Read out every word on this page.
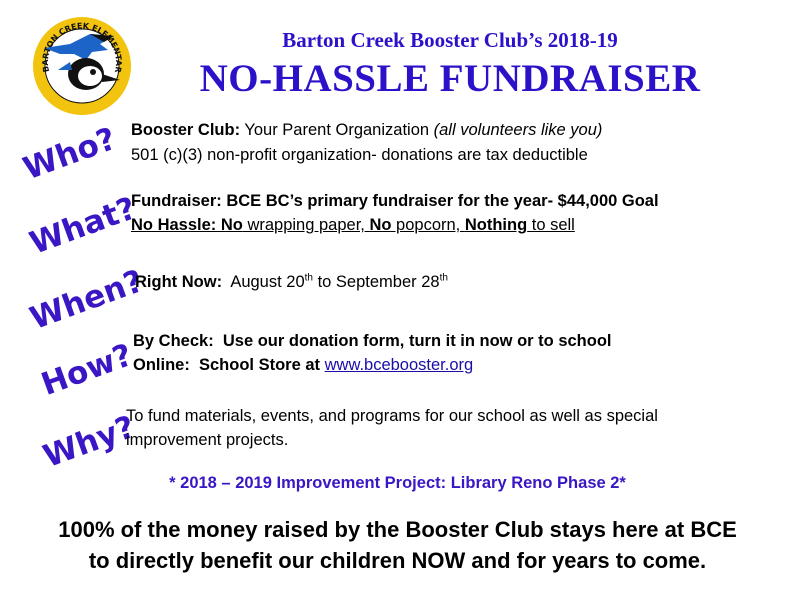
BARTON CREEK ELEMENTAR
Barton Creek Booster Club’s 2018-19
NO-HASSLE FUNDRAISER
Who? Booster Club: Your Parent Organization (all volunteers like you)
501 (c)(3) non-profit organization- donations are tax deductible
What?
Fundraiser: BCE BC’s primary fundraiser for the year- $44,000 Goal
No Hassle: No wrapping paper, No popcorn, Nothing to sell
When?
Right Now:  August 20th to September 28th
How?
By Check:  Use our donation form, turn it in now or to school
Online:  School Store at www.bcebooster.org
Why?
To fund materials, events, and programs for our school as well as special
improvement projects.
* 2018 – 2019 Improvement Project: Library Reno Phase 2*
100% of the money raised by the Booster Club stays here at BCE
to directly benefit our children NOW and for years to come.
